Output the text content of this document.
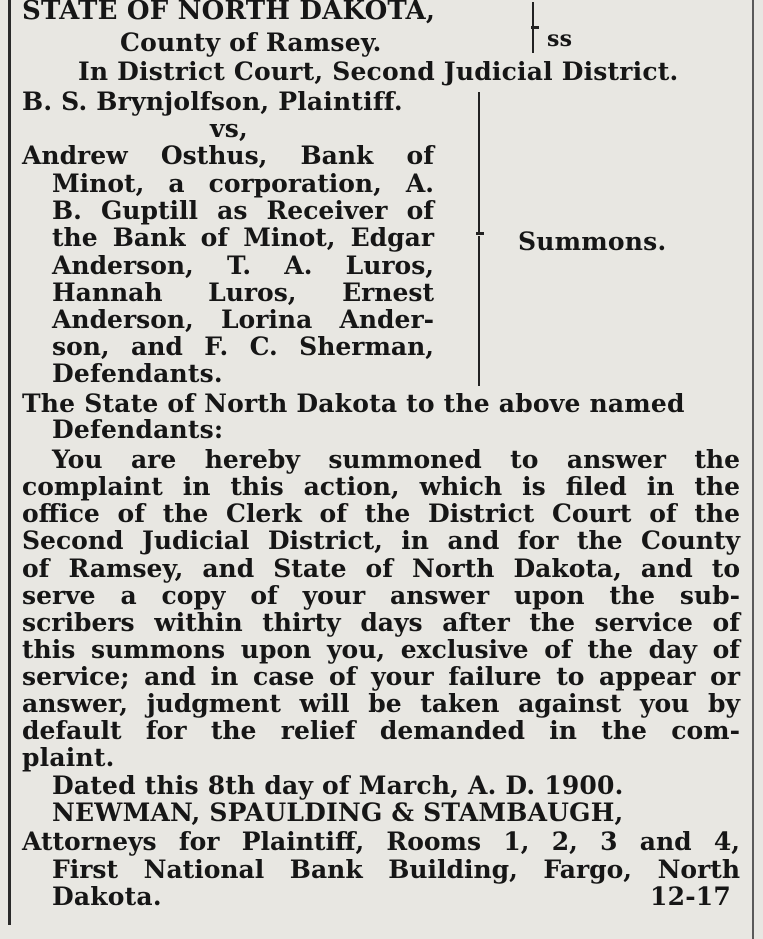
STATE OF NORTH DAKOTA,
County of Ramsey.	ss
In District Court, Second Judicial District.
B. S. Brynjolfson, Plaintiff.
vs,
Andrew Osthus, Bank of
Minot, a corporation, A.
B. Guptill as Receiver of
the Bank of Minot, Edgar
Anderson, T. A. Luros,
Hannah Luros, Ernest
Anderson, Lorina Ander-
son, and F. C. Sherman,
Defendants.
Summons.
The State of North Dakota to the above named
Defendants:
You are hereby summoned to answer the
complaint in this action, which is filed in the
office of the Clerk of the District Court of the
Second Judicial District, in and for the County
of Ramsey, and State of North Dakota, and to
serve a copy of your answer upon the sub-
scribers within thirty days after the service of
this summons upon you, exclusive of the day of
service; and in case of your failure to appear or
answer, judgment will be taken against you by
default for the relief demanded in the com-
plaint.
Dated this 8th day of March, A. D. 1900.
NEWMAN, SPAULDING & STAMBAUGH,
Attorneys for Plaintiff, Rooms 1, 2, 3 and 4,
First National Bank Building, Fargo, North
Dakota.	12-17
